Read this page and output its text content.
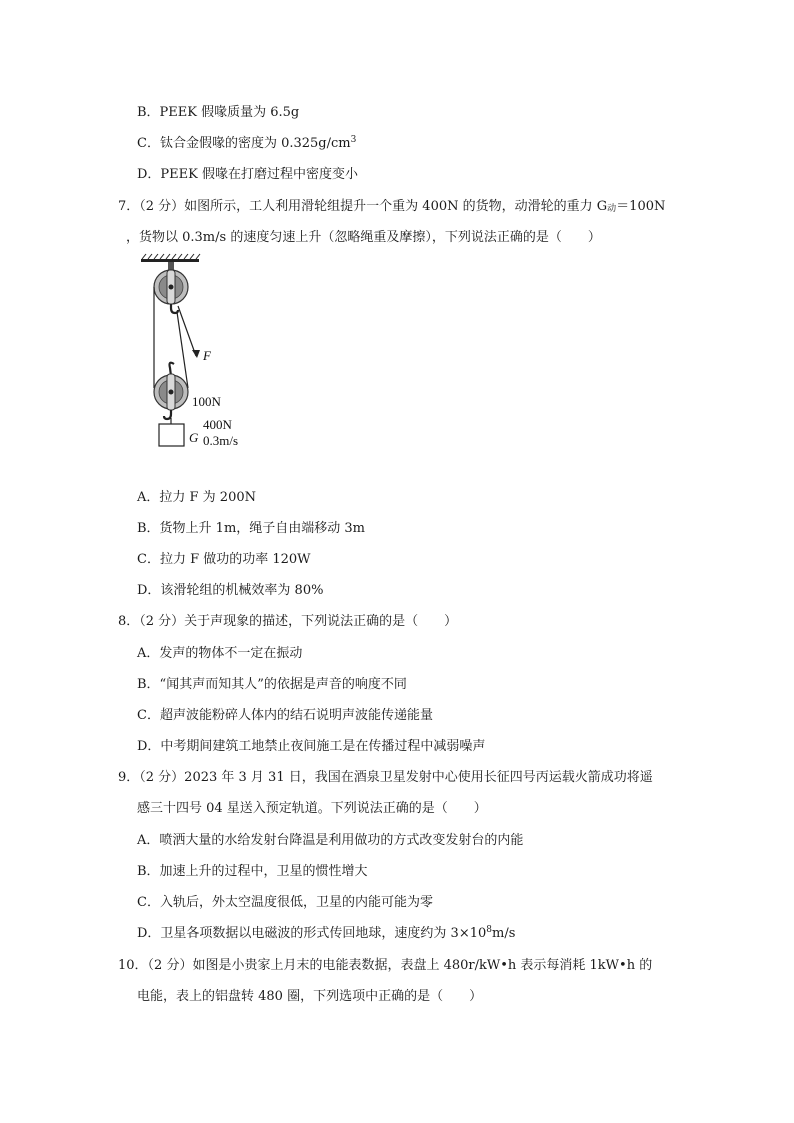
B．PEEK 假喙质量为 6.5g
C．钛合金假喙的密度为 $0.325g/cm^3$
D．PEEK 假喙在打磨过程中密度变小
7．（2 分）如图所示，工人利用滑轮组提升一个重为 400N 的货物，动滑轮的重力 $G_动=100N$
，货物以 0.3m/s 的速度匀速上升（忽略绳重及摩擦），下列说法正确的是（　　）
F
100N
G
400N
0.3m/s
A．拉力 F 为 200N
B．货物上升 1m，绳子自由端移动 3m
C．拉力 F 做功的功率 120W
D．该滑轮组的机械效率为 80%
8．（2 分）关于声现象的描述，下列说法正确的是（　　）
A．发声的物体不一定在振动
B．“闻其声而知其人”的依据是声音的响度不同
C．超声波能粉碎人体内的结石说明声波能传递能量
D．中考期间建筑工地禁止夜间施工是在传播过程中减弱噪声
9．（2 分）2023 年 3 月 31 日，我国在酒泉卫星发射中心使用长征四号丙运载火箭成功将遥
感三十四号 04 星送入预定轨道。下列说法正确的是（　　）
A．喷洒大量的水给发射台降温是利用做功的方式改变发射台的内能
B．加速上升的过程中，卫星的惯性增大
C．入轨后，外太空温度很低，卫星的内能可能为零
D．卫星各项数据以电磁波的形式传回地球，速度约为 $3\times 10^8m/s$
10．（2 分）如图是小贵家上月末的电能表数据，表盘上 480r/kW•h 表示每消耗 1kW•h 的
电能，表上的铝盘转 480 圈，下列选项中正确的是（　　）
